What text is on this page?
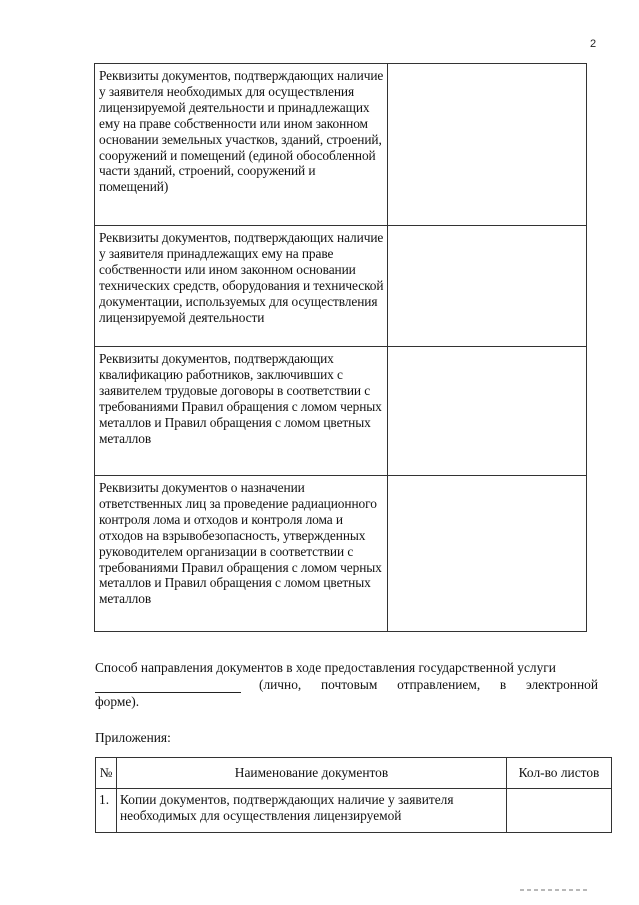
2
Реквизиты документов, подтверждающих наличие у заявителя необходимых для осуществления лицензируемой деятельности и принадлежащих ему на праве собственности или ином законном основании земельных участков, зданий, строений, сооружений и помещений (единой обособленной части зданий, строений, сооружений и помещений)	
Реквизиты документов, подтверждающих наличие у заявителя принадлежащих ему на праве собственности или ином законном основании технических средств, оборудования и технической документации, используемых для осуществления лицензируемой деятельности	
Реквизиты документов, подтверждающих квалификацию работников, заключивших с заявителем трудовые договоры в соответствии с требованиями Правил обращения с ломом черных металлов и Правил обращения с ломом цветных металлов	
Реквизиты документов о назначении ответственных лиц за проведение радиационного контроля лома и отходов и контроля лома и отходов на взрывобезопасность, утвержденных руководителем организации в соответствии с требованиями Правил обращения с ломом черных металлов и Правил обращения с ломом цветных металлов	
Способ направления документов в ходе предоставления государственной услуги
(лично, почтовым отправлением, в электронной
форме).
Приложения:
№	Наименование документов	Кол-во листов
1.	Копии документов, подтверждающих наличие у заявителя необходимых для осуществления лицензируемой	
